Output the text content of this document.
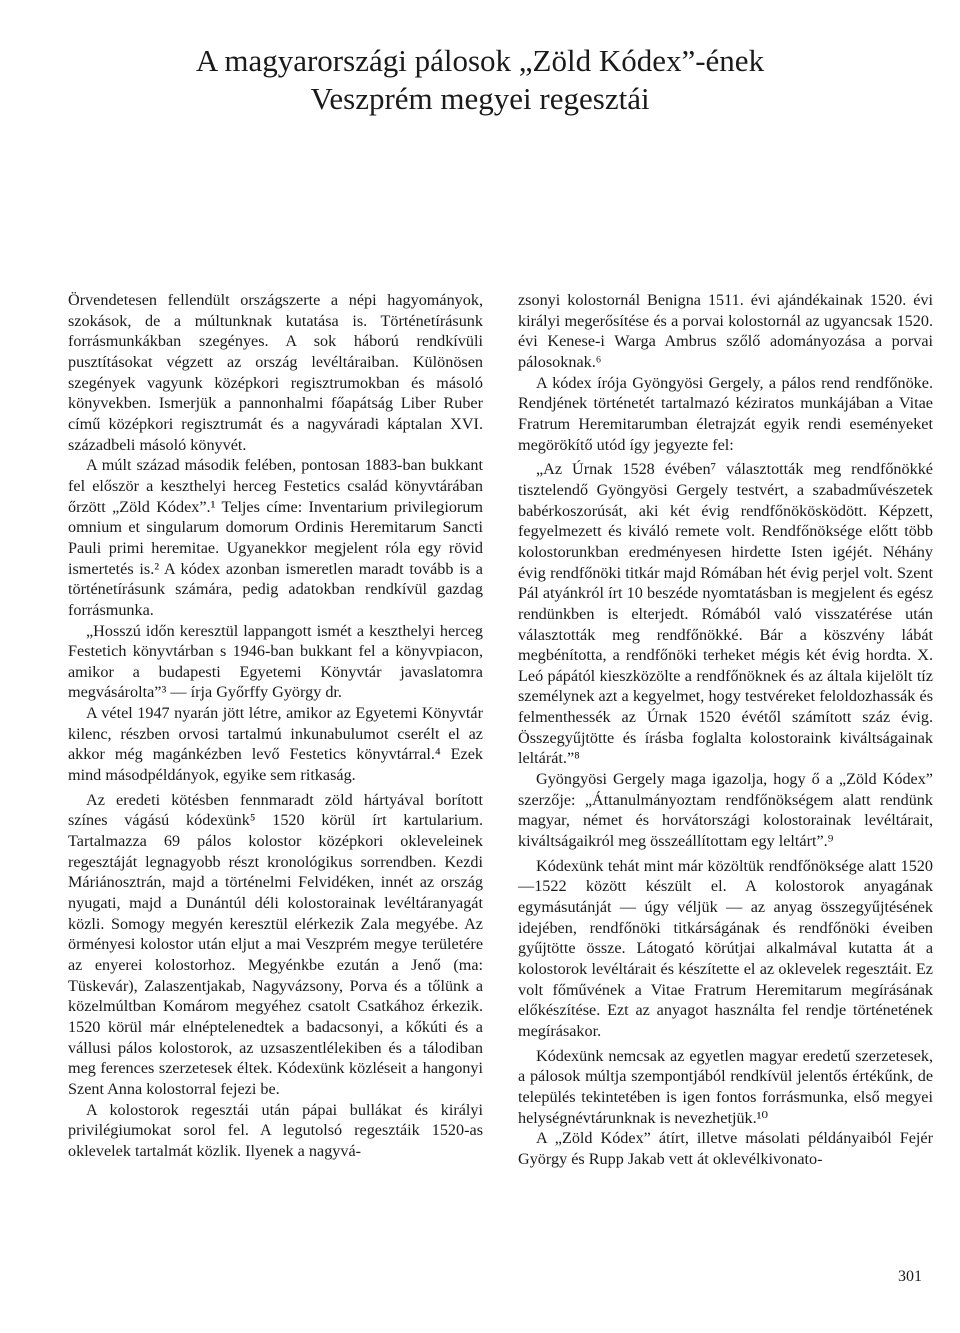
A magyarországi pálosok „Zöld Kódex”-ének
Veszprém megyei regesztái

Örvendetesen fellendült országszerte a népi hagyományok, szokások, de a múltunknak kutatása is. Történetírásunk forrásmunkákban szegényes. A sok háború rendkívüli pusztításokat végzett az ország levéltáraiban. Különösen szegények vagyunk középkori regisztrumokban és másoló könyvekben. Ismerjük a pannonhalmi főapátság Liber Ruber című középkori regisztrumát és a nagyváradi káptalan XVI. századbeli másoló könyvét.

A múlt század második felében, pontosan 1883-ban bukkant fel először a keszthelyi herceg Festetics család könyvtárában őrzött „Zöld Kódex”.¹ Teljes címe: Inventarium privilegiorum omnium et singularum domorum Ordinis Heremitarum Sancti Pauli primi heremitae. Ugyanekkor megjelent róla egy rövid ismertetés is.² A kódex azonban ismeretlen maradt tovább is a történetírásunk számára, pedig adatokban rendkívül gazdag forrásmunka.

„Hosszú időn keresztül lappangott ismét a keszthelyi herceg Festetich könyvtárban s 1946-ban bukkant fel a könyvpiacon, amikor a budapesti Egyetemi Könyvtár javaslatomra megvásárolta”³ — írja Győrffy György dr.

A vétel 1947 nyarán jött létre, amikor az Egyetemi Könyvtár kilenc, részben orvosi tartalmú inkunabulumot cserélt el az akkor még magánkézben levő Festetics könyvtárral.⁴ Ezek mind másodpéldányok, egyike sem ritkaság.

Az eredeti kötésben fennmaradt zöld hártyával borított színes vágású kódexünk⁵ 1520 körül írt kartularium. Tartalmazza 69 pálos kolostor középkori okleveleinek regesztáját legnagyobb részt kronológikus sorrendben. Kezdi Máriánosztrán, majd a történelmi Felvidéken, innét az ország nyugati, majd a Dunántúl déli kolostorainak levéltáranyagát közli. Somogy megyén keresztül elérkezik Zala megyébe. Az örményesi kolostor után eljut a mai Veszprém megye területére az enyerei kolostorhoz. Megyénkbe ezután a Jenő (ma: Tüskevár), Zalaszentjakab, Nagyvázsony, Porva és a tőlünk a közelmúltban Komárom megyéhez csatolt Csatkához érkezik. 1520 körül már elnéptelenedtek a badacsonyi, a kőkúti és a vállusi pálos kolostorok, az uzsaszentlélekiben és a tálodiban meg ferences szerzetesek éltek. Kódexünk közléseit a hangonyi Szent Anna kolostorral fejezi be.

A kolostorok regesztái után pápai bullákat és királyi privilégiumokat sorol fel. A legutolsó regesztáik 1520-as oklevelek tartalmát közlik. Ilyenek a nagyvá-

zsonyi kolostornál Benigna 1511. évi ajándékainak 1520. évi királyi megerősítése és a porvai kolostornál az ugyancsak 1520. évi Kenese-i Warga Ambrus szőlő adományozása a porvai pálosoknak.⁶

A kódex írója Gyöngyösi Gergely, a pálos rend rendfőnöke. Rendjének történetét tartalmazó kéziratos munkájában a Vitae Fratrum Heremitarumban életrajzát egyik rendi eseményeket megörökítő utód így jegyezte fel:

„Az Úrnak 1528 évében⁷ választották meg rendfőnökké tisztelendő Gyöngyösi Gergely testvért, a szabadművészetek babérkoszorúsát, aki két évig rendfőnökösködött. Képzett, fegyelmezett és kiváló remete volt. Rendfőnöksége előtt több kolostorunkban eredményesen hirdette Isten igéjét. Néhány évig rendfőnöki titkár majd Rómában hét évig perjel volt. Szent Pál atyánkról írt 10 beszéde nyomtatásban is megjelent és egész rendünkben is elterjedt. Rómából való visszatérése után választották meg rendfőnökké. Bár a köszvény lábát megbénította, a rendfőnöki terheket mégis két évig hordta. X. Leó pápától kieszközölte a rendfőnöknek és az általa kijelölt tíz személynek azt a kegyelmet, hogy testvéreket feloldozhassák és felmenthessék az Úrnak 1520 évétől számított száz évig. Összegyűjtötte és írásba foglalta kolostoraink kiváltságainak leltárát.”⁸

Gyöngyösi Gergely maga igazolja, hogy ő a „Zöld Kódex” szerzője: „Áttanulmányoztam rendfőnökségem alatt rendünk magyar, német és horvátországi kolostorainak levéltárait, kiváltságaikról meg összeállítottam egy leltárt”.⁹

Kódexünk tehát mint már közöltük rendfőnöksége alatt 1520—1522 között készült el. A kolostorok anyagának egymásutánját — úgy véljük — az anyag összegyűjtésének idejében, rendfőnöki titkárságának és rendfőnöki éveiben gyűjtötte össze. Látogató körútjai alkalmával kutatta át a kolostorok levéltárait és készítette el az oklevelek regesztáit. Ez volt főművének a Vitae Fratrum Heremitarum megírásának előkészítése. Ezt az anyagot használta fel rendje történetének megírásakor.

Kódexünk nemcsak az egyetlen magyar eredetű szerzetesek, a pálosok múltja szempontjából rendkívül jelentős értékűnk, de település tekintetében is igen fontos forrásmunka, első megyei helységnévtárunknak is nevezhetjük.¹⁰

A „Zöld Kódex” átírt, illetve másolati példányaiból Fejér György és Rupp Jakab vett át oklevélkivonato-

301
